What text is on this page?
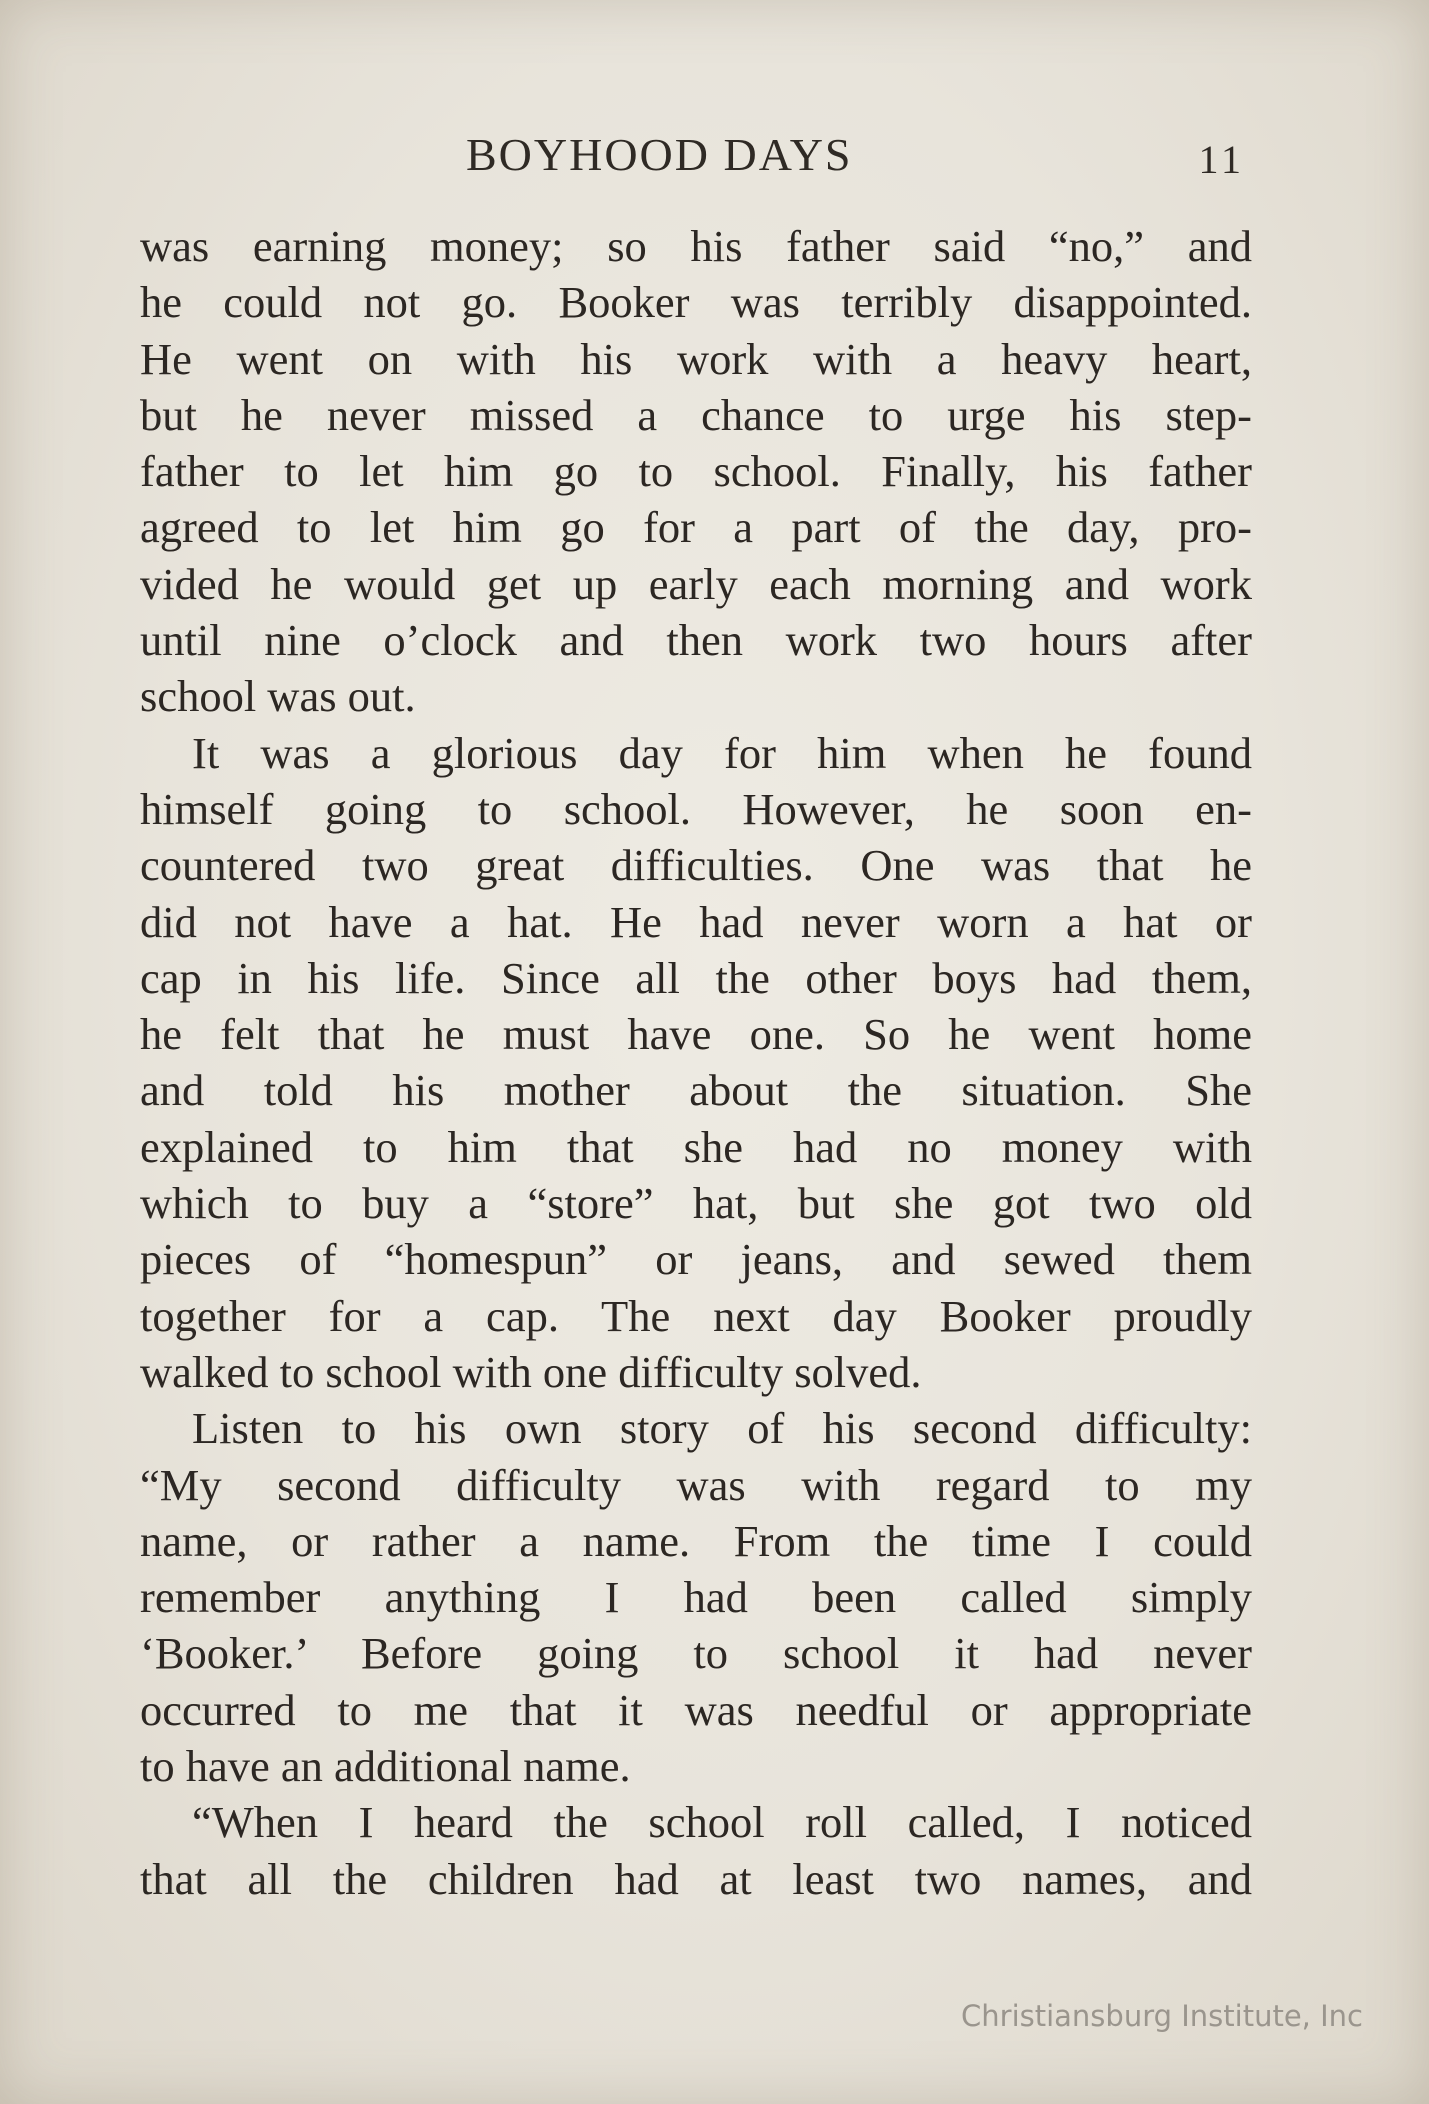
BOYHOOD DAYS	11

was earning money; so his father said “no,” and
he could not go. Booker was terribly disappointed.
He went on with his work with a heavy heart,
but he never missed a chance to urge his step-
father to let him go to school. Finally, his father
agreed to let him go for a part of the day, pro-
vided he would get up early each morning and work
until nine o’clock and then work two hours after
school was out.

It was a glorious day for him when he found
himself going to school. However, he soon en-
countered two great difficulties. One was that he
did not have a hat. He had never worn a hat or
cap in his life. Since all the other boys had them,
he felt that he must have one. So he went home
and told his mother about the situation. She
explained to him that she had no money with
which to buy a “store” hat, but she got two old
pieces of “homespun” or jeans, and sewed them
together for a cap. The next day Booker proudly
walked to school with one difficulty solved.

Listen to his own story of his second difficulty:
“My second difficulty was with regard to my
name, or rather a name. From the time I could
remember anything I had been called simply
‘Booker.’ Before going to school it had never
occurred to me that it was needful or appropriate
to have an additional name.

“When I heard the school roll called, I noticed
that all the children had at least two names, and

Christiansburg Institute, Inc
